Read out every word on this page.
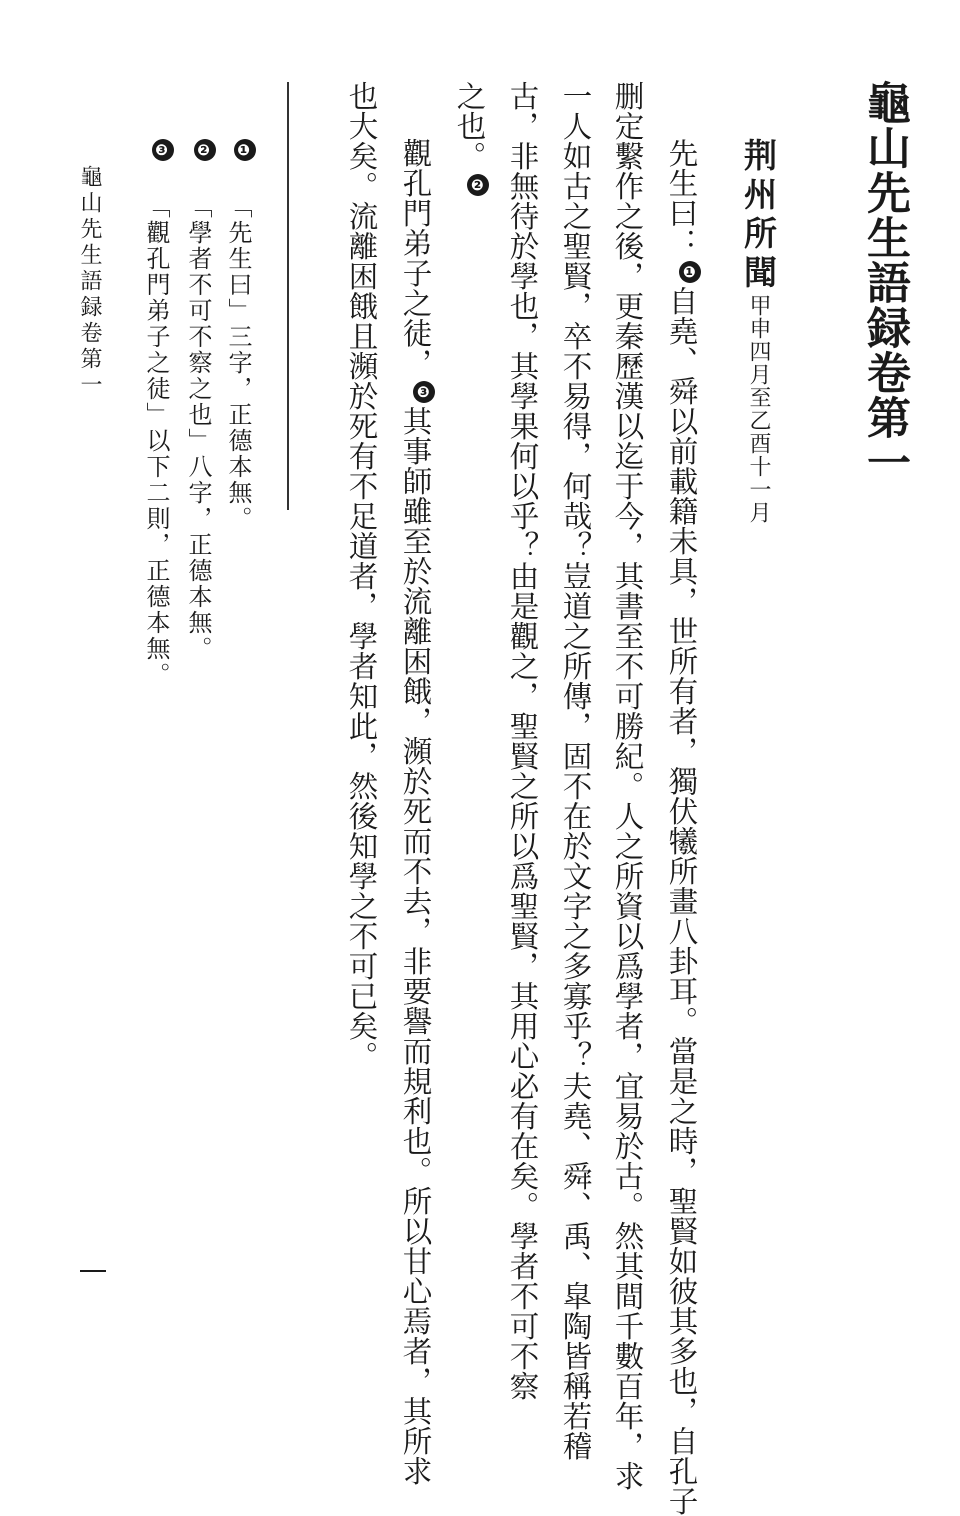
龜山先生語録卷第一
荆州所聞甲申四月至乙酉十一月
先生曰：❶自堯、舜以前載籍未具，世所有者，獨伏犧所畫八卦耳。當是之時，聖賢如彼其多也，自孔子
删定繫作之後，更秦歷漢以迄于今，其書至不可勝紀。人之所資以爲學者，宜易於古。然其間千數百年，求
一人如古之聖賢，卒不易得，何哉？豈道之所傳，固不在於文字之多寡乎？夫堯、舜、禹、皐陶皆稱若稽
古，非無待於學也，其學果何以乎？由是觀之，聖賢之所以爲聖賢，其用心必有在矣。學者不可不察
之也。❷
觀孔門弟子之徒，❸其事師雖至於流離困餓，瀕於死而不去，非要譽而規利也。所以甘心焉者，其所求
也大矣。流離困餓且瀕於死有不足道者，學者知此，然後知學之不可已矣。
❶「先生曰」三字，正德本無。
❷「學者不可不察之也」八字，正德本無。
❸「觀孔門弟子之徒」以下二則，正德本無。
龜山先生語録卷第一
